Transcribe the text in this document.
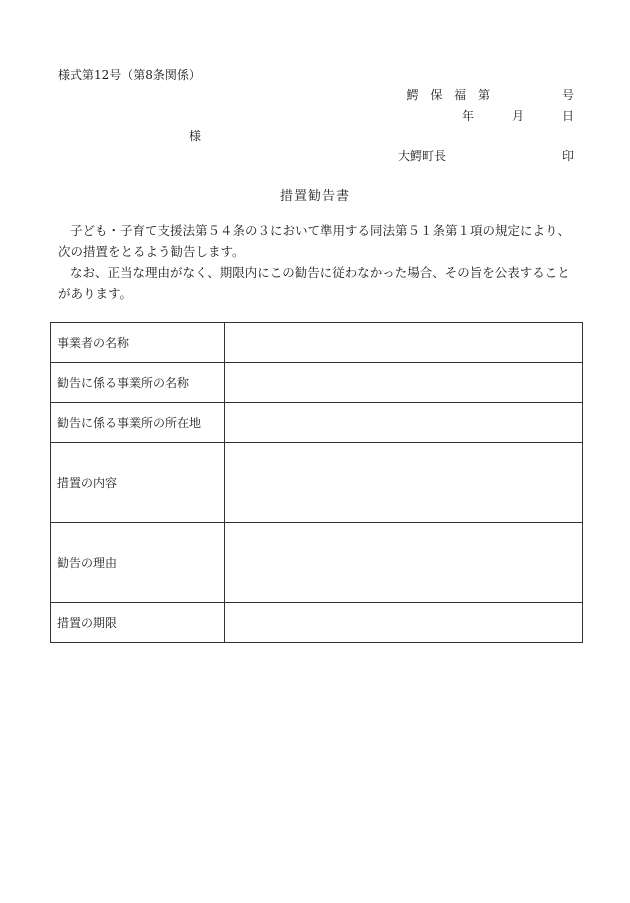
様式第12号（第8条関係）
鰐 保 福 第	号
年	月	日
様
大鰐町長	印
措置勧告書

子ども・子育て支援法第５４条の３において準用する同法第５１条第１項の規定により、次の措置をとるよう勧告します。

なお、正当な理由がなく、期限内にこの勧告に従わなかった場合、その旨を公表することがあります。

事業者の名称	
勧告に係る事業所の名称	
勧告に係る事業所の所在地	
措置の内容	
勧告の理由	
措置の期限	
